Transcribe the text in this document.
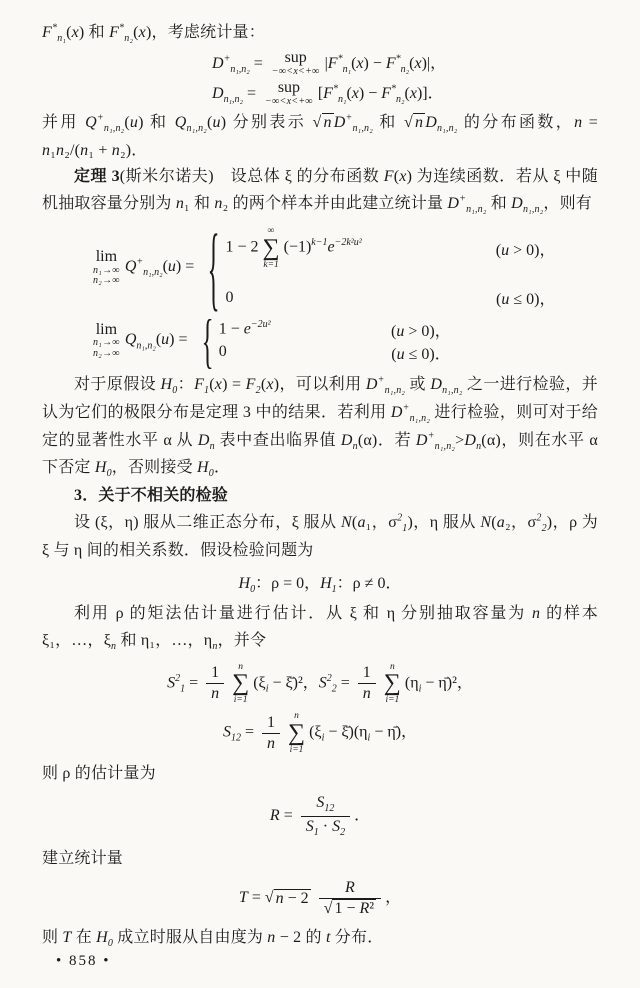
$F^*_{n_1}(x)$ 和 $F^*_{n_2}(x)$，考虑统计量：

$D^+_{n_1,n_2}$ = sup
−∞<x<+∞ $|F^*_{n_1}(x) - F^*_{n_2}(x)|$，
$D_{n_1,n_2}$ = sup
−∞<x<+∞ $[F^*_{n_1}(x) - F^*_{n_2}(x)]$．

并用 $Q^+_{n_1,n_2}(u)$ 和 $Q_{n_1,n_2}(u)$ 分别表示 √ n $D^+_{n_1,n_2}$ 和 √ n $D_{n_1,n_2}$ 的分布函数，n = n₁n₂/(n₁ + n₂)．

定理 3(斯米尔诺夫)　设总体 ξ 的分布函数 F(x) 为连续函数．若从 ξ 中随机抽取容量分别为 n₁ 和 n₂ 的两个样本并由此建立统计量 $D^+_{n_1,n_2}$ 和 $D_{n_1,n_2}$，则有

lim
n₁→∞
n₂→∞
$Q^+_{n_1,n_2}(u)$ = { 1 − 2
∞
∑
k=1
$(-1)^{k-1}e^{-2k^2u^2}$	(u > 0)，
0	(u ≤ 0)，
lim
n₁→∞
n₂→∞
$Q_{n_1,n_2}(u)$ = { $1 - e^{-2u^2}$	(u > 0)，
0	(u ≤ 0)．

对于原假设 $H_0$：$F_1(x) = F_2(x)$，可以利用 $D^+_{n_1,n_2}$ 或 $D_{n_1,n_2}$ 之一进行检验，并认为它们的极限分布是定理 3 中的结果．若利用 $D^+_{n_1,n_2}$ 进行检验，则可对于给定的显著性水平 α 从 $D_n$ 表中查出临界值 $D_n(\alpha)$．若 $D^+_{n_1,n_2}>D_n(\alpha)$，则在水平 α 下否定 $H_0$，否则接受 $H_0$．

3．关于不相关的检验

设 (ξ，η) 服从二维正态分布，ξ 服从 N(a₁，$\sigma^2_1$)，η 服从 N(a₂，$\sigma^2_2$)，ρ 为 ξ 与 η 间的相关系数．假设检验问题为

$H_0$：ρ = 0，$H_1$：ρ ≠ 0．

利用 ρ 的矩法估计量进行估计．从 ξ 和 η 分别抽取容量为 n 的样本 ξ₁，…，$\xi_n$ 和 η₁，…，$\eta_n$，并令

$S^2_1 = \frac{1}{n}$ n
∑
i=1
($\xi_i$ − ξ̄)²，$S^2_2 = \frac{1}{n}$ n
∑
i=1
($\eta_i$ − η̄)²，
$S_{12} = \frac{1}{n}$ n
∑
i=1
($\xi_i$ − $\xī)(\eta_i$ − η̄)，

则 ρ 的估计量为

$R = \frac{S_{12}}{S_1 \cdot S_2}$ ．

建立统计量

T = √ $n - 2 \frac{R}{\text{√ 1 − R²}}$ ，

则 T 在 $H_0$ 成立时服从自由度为 n − 2 的 t 分布．

• 858 •
